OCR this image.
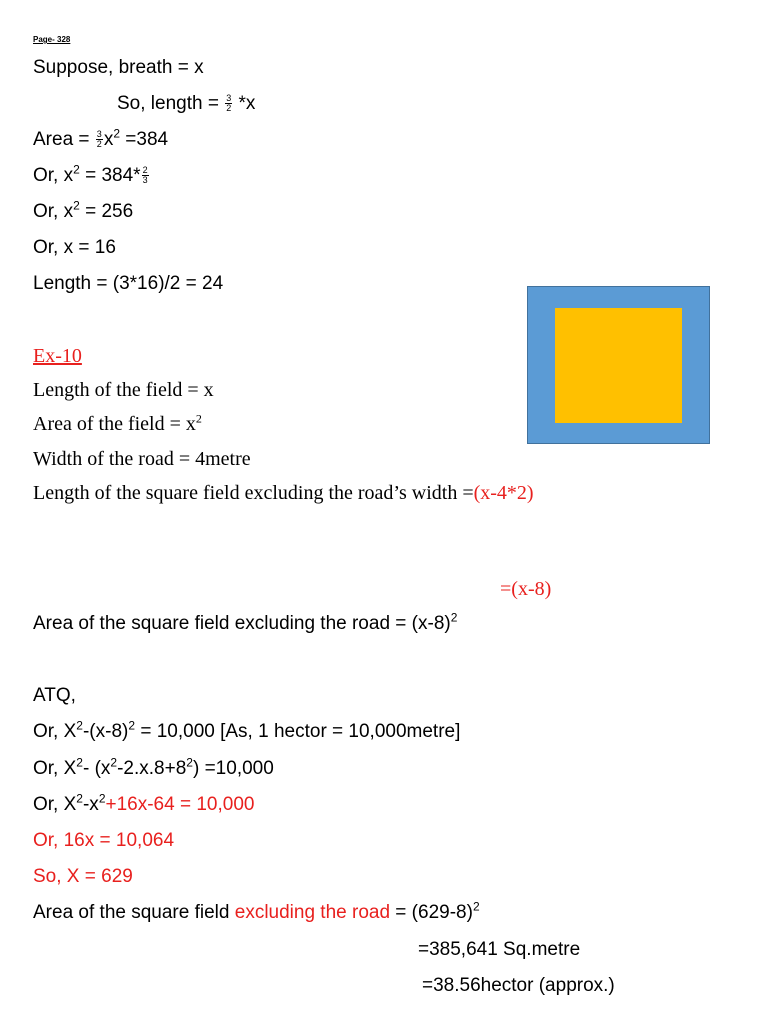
Page- 328
Suppose, breath = x
So, length = $\frac{3}{2} *x$
Area = $\frac{3}{2} x^2 =384$
Or, $x^2 = 384* \frac{2}{3}$
Or, $x^2 = 256$
Or, x = 16
Length = (3*16)/2 = 24
Ex-10
Length of the field = x
Area of the field = $x^2$
Width of the road = 4metre
Length of the square field excluding the road’s width =(x-4*2)
=(x-8)
Area of the square field excluding the road = $(x-8)^2$
ATQ,
Or, $X^2-(x-8)^2 = 10,000$ [As, 1 hector = 10,000metre]
Or, $X^2-$ $(x^2-2.x.8+8^2) =10,000$
Or, $X^2-x^2+16x-64 = 10,000$
Or, 16x = 10,064
So, X = 629
Area of the square field excluding the road = $(629-8)^2$
=385,641 Sq.metre
=38.56hector (approx.)
